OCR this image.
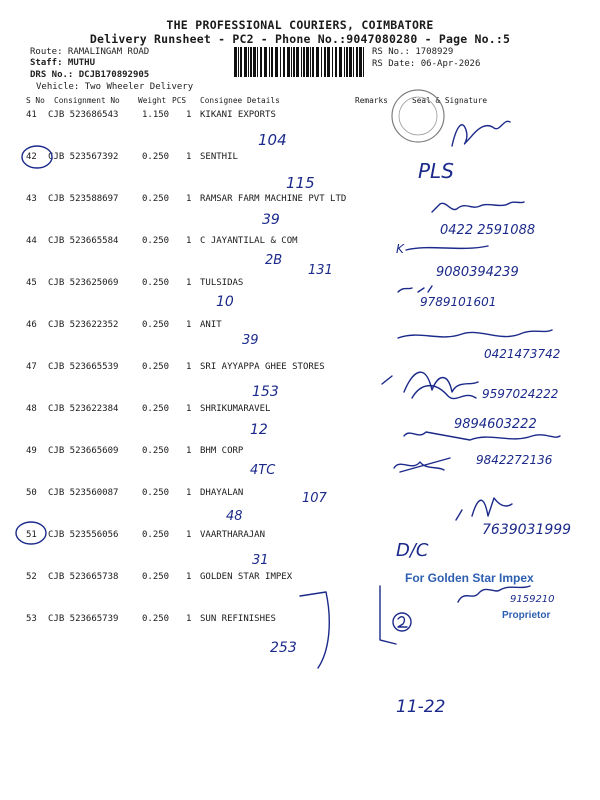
THE PROFESSIONAL COURIERS, COIMBATORE
Delivery Runsheet - PC2 - Phone No.:9047080280 - Page No.:5
Route: RAMALINGAM ROAD
Staff: MUTHU
DRS No.: DCJB170892905
Vehicle: Two Wheeler Delivery
RS No.: 1708929
RS Date: 06-Apr-2026
S No Consignment No Weight PCS Consignee Details	Remarks	Seal & Signature
41 CJB 523686543	1.150 1 KIKANI EXPORTS
42 CJB 523567392	0.250 1 SENTHIL
43 CJB 523588697	0.250 1 RAMSAR FARM MACHINE PVT LTD
44 CJB 523665584	0.250 1 C JAYANTILAL & COM
45 CJB 523625069	0.250 1 TULSIDAS
46 CJB 523622352	0.250 1 ANIT
47 CJB 523665539	0.250 1 SRI AYYAPPA GHEE STORES
48 CJB 523622384	0.250 1 SHRIKUMARAVEL
49 CJB 523665609	0.250 1 BHM CORP
50 CJB 523560087	0.250 1 DHAYALAN
51 CJB 523556056	0.250 1 VAARTHARAJAN
52 CJB 523665738	0.250 1 GOLDEN STAR IMPEX
53 CJB 523665739	0.250 1 SUN REFINISHES
104
PLS
115
39
0422 2591088
2B
131	9080394239
K
9789101601
10
39
0421473742
153	9597024222
12	9894603222
4TC
9842272136
107
48
7639031999
D/C
31
9159210
253
11-22
For Golden Star Impex
Proprietor
